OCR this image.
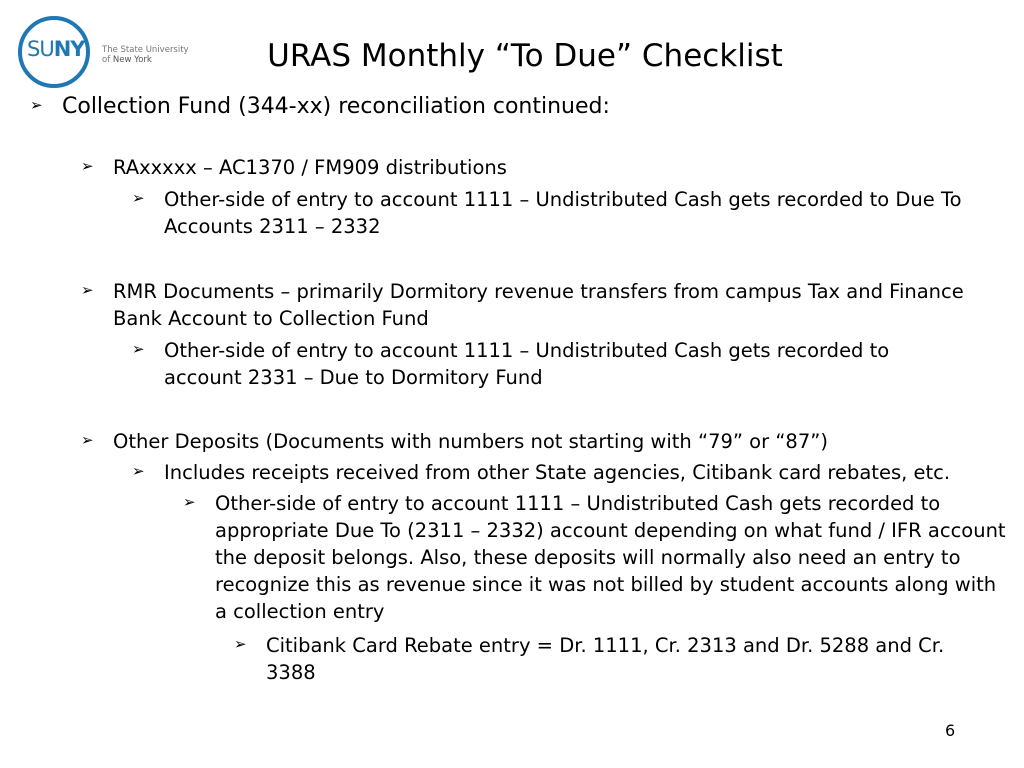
SUNY The State University
of New York	URAS Monthly “To Due” Checklist
➢ Collection Fund (344-xx) reconciliation continued:

➢ RAxxxxx – AC1370 / FM909 distributions

➢ Other-side of entry to account 1111 – Undistributed Cash gets recorded to Due To Accounts 2311 – 2332

➢ RMR Documents – primarily Dormitory revenue transfers from campus Tax and Finance Bank Account to Collection Fund

➢ Other-side of entry to account 1111 – Undistributed Cash gets recorded to account 2331 – Due to Dormitory Fund

➢ Other Deposits (Documents with numbers not starting with “79” or “87”)

➢ Includes receipts received from other State agencies, Citibank card rebates, etc.

➢ Other-side of entry to account 1111 – Undistributed Cash gets recorded to appropriate Due To (2311 – 2332) account depending on what fund / IFR account the deposit belongs. Also, these deposits will normally also need an entry to recognize this as revenue since it was not billed by student accounts along with a collection entry

➢ Citibank Card Rebate entry = Dr. 1111, Cr. 2313 and Dr. 5288 and Cr. 3388

6
